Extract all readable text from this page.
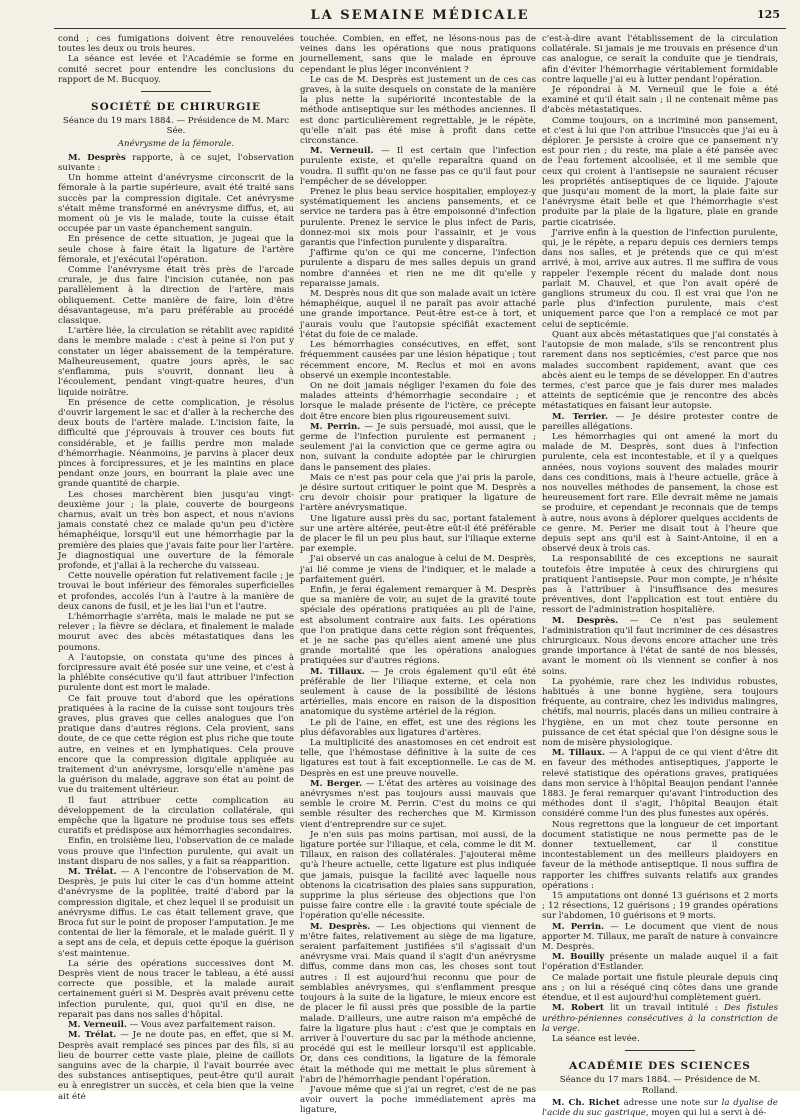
LA SEMAINE MÉDICALE	125

cond ; ces fumigations doivent être renouvelées toutes les deux ou trois heures.

La séance est levée et l'Académie se forme en comité secret pour entendre les conclusions du rapport de M. Bucquoy.

SOCIÉTÉ DE CHIRURGIE
Séance du 19 mars 1884. — Présidence de M. Marc Sée.
Anévrysme de la fémorale.

M. Desprès rapporte, à ce sujet, l'observation suivante :

Un homme atteint d'anévrysme circonscrit de la fémorale à la partie supérieure, avait été traité sans succès par la compression digitale. Cet anévrysme s'était même transformé en anévrysme diffus, et, au moment où je vis le malade, toute la cuisse était occupée par un vaste épanchement sanguin.

En présence de cette situation, je jugeai que la seule chose à faire était la ligature de l'artère fémorale, et j'exécutai l'opération.

Comme l'anévrysme était très près de l'arcade crurale, je dus faire l'incision cutanée, non pas parallèlement à la direction de l'artère, mais obliquement. Cette manière de faire, loin d'être désavantageuse, m'a paru préférable au procédé classique.

L'artère liée, la circulation se rétablit avec rapidité dans le membre malade : c'est à peine si l'on put y constater un léger abaissement de la température. Malheureusement, quatre jours après, le sac s'enflamma, puis s'ouvrit, donnant lieu à l'écoulement, pendant vingt-quatre heures, d'un liquide noirâtre.

En présence de cette complication, je résolus d'ouvrir largement le sac et d'aller à la recherche des deux bouts de l'artère malade. L'incision faite, la difficulté que j'éprouvais à trouver ces bouts fut considérable, et je faillis perdre mon malade d'hémorrhagie. Néanmoins, je parvins à placer deux pinces à forcipressures, et je les maintins en place pendant onze jours, en bourrant la plaie avec une grande quantité de charpie.

Les choses marchèrent bien jusqu'au vingt-deuxième jour ; la plaie, couverte de bourgeons charnus, avait un très bon aspect, et nous n'avions jamais constaté chez ce malade qu'un peu d'ictère hémaphéique, lorsqu'il eut une hémorrhagie par la première des plaies que j'avais faite pour lier l'artère. Je diagnostiquai une ouverture de la fémorale profonde, et j'allai à la recherche du vaisseau.

Cette nouvelle opération fut relativement facile ; je trouvai le bout inférieur des fémorales superficielles et profondes, accolés l'un à l'autre à la manière de deux canons de fusil, et je les liai l'un et l'autre.

L'hémorrhagie s'arrêta, mais le malade ne put se relever ; la fièvre se déclara, et finalement le malade mourut avec des abcès métastatiques dans les poumons.

A l'autopsie, on constata qu'une des pinces à forcipressure avait été posée sur une veine, et c'est à la phlébite consécutive qu'il faut attribuer l'infection purulente dont est mort le malade.

Ce fait prouve tout d'abord que les opérations pratiquées à la racine de la cuisse sont toujours très graves, plus graves que celles analogues que l'on pratique dans d'autres régions. Cela provient, sans doute, de ce que cette région est plus riche que toute autre, en veines et en lymphatiques. Cela prouve encore que la compression digitale appliquée au traitement d'un anévrysme, lorsqu'elle n'amène pas la guérison du malade, aggrave son état au point de vue du traitement ultérieur.

Il faut attribuer cette complication au développement de la circulation collatérale, qui empêche que la ligature ne produise tous ses effets curatifs et prédispose aux hémorrhagies secondaires.

Enfin, en troisième lieu, l'observation de ce malade vous prouve que l'infection purulente, qui avait un instant disparu de nos salles, y a fait sa réapparition.

M. Trélat. — A l'encontre de l'observation de M. Desprès, je puis lui citer le cas d'un homme atteint d'anévrysme de la poplitée, traité d'abord par la compression digitale, et chez lequel il se produisit un anévrysme diffus. Le cas était tellement grave, que Broca fut sur le point de proposer l'amputation. Je me contentai de lier la fémorale, et le malade guérit. Il y a sept ans de cela, et depuis cette époque la guérison s'est maintenue.

La série des opérations successives dont M. Desprès vient de nous tracer le tableau, a été aussi correcte que possible, et la malade aurait certainement guéri si M. Desprès avait prévenu cette infection purulente, qui, quoi qu'il en dise, ne reparait pas dans nos salles d'hôpital.

M. Verneuil. — Vous avez parfaitement raison.

M. Trélat. — Je ne doute pas, en effet, que si M. Desprès avait remplacé ses pinces par des fils, si au lieu de bourrer cette vaste plaie, pleine de caillots sanguins avec de la charpie, il l'avait bourrée avec des substances antiseptiques, peut-être qu'il aurait eu à enregistrer un succès, et cela bien que la veine ait été

touchée. Combien, en effet, ne lésons-nous pas de veines dans les opérations que nous pratiquons journellement, sans que le malade en éprouve cependant le plus léger inconvénient ?

Le cas de M. Desprès est justement un de ces cas graves, à la suite desquels on constate de la manière la plus nette la supériorité incontestable de la méthode antiseptique sur les méthodes anciennes. Il est donc particulièrement regrettable, je le répète, qu'elle n'ait pas été mise à profit dans cette circonstance.

M. Verneuil. — Il est certain que l'infection purulente existe, et qu'elle reparaîtra quand on voudra. Il suffit qu'on ne fasse pas ce qu'il faut pour l'empêcher de se développer.

Prenez le plus beau service hospitalier, employez-y systématiquement les anciens pansements, et ce service ne tardera pas à être empoisonné d'infection purulente. Prenez le service le plus infect de Paris, donnez-moi six mois pour l'assainir, et je vous garantis que l'infection purulente y disparaîtra.

J'affirme qu'on ce qui me concerne, l'infection purulente a disparu de mes salles depuis un grand nombre d'années et rien ne me dit qu'elle y reparaisse jamais.

M. Desprès nous dit que son malade avait un ictère hémaphéique, auquel il ne paraît pas avoir attaché une grande importance. Peut-être est-ce à tort, et j'aurais voulu que l'autopsie spécifiât exactement l'état du foie de ce malade.

Les hémorrhagies consécutives, en effet, sont fréquemment causées par une lésion hépatique ; tout récemment encore, M. Reclus et moi en avons observé un exemple incontestable.

On ne doit jamais négliger l'examen du foie des malades atteints d'hémorrhagie secondaire ; et lorsque le malade présente de l'ictère, ce précepte doit être encore bien plus rigoureusement suivi.

M. Perrin. — Je suis persuadé, moi aussi, que le germe de l'infection purulente est permanent ; seulement j'ai la conviction que ce germe agira ou non, suivant la conduite adoptée par le chirurgien dans le pansement des plaies.

Mais ce n'est pas pour cela que j'ai pris la parole, je désire surtout critiquer le point que M. Desprès a cru devoir choisir pour pratiquer la ligature de l'artère anévrysmatique.

Une ligature aussi près du sac, portant fatalement sur une artère altérée, peut-être eût-il été préférable de placer le fil un peu plus haut, sur l'iliaque externe par exemple.

J'ai observé un cas analogue à celui de M. Desprès, j'ai lié comme je viens de l'indiquer, et le malade a parfaitement guéri.

Enfin, je ferai également remarquer à M. Desprès que sa manière de voir, au sujet de la gravité toute spéciale des opérations pratiquées au pli de l'aine, est absolument contraire aux faits. Les opérations que l'on pratique dans cette région sont fréquentes, et je ne sache pas qu'elles aient amené une plus grande mortalité que les opérations analogues pratiquées sur d'autres régions.

M. Tillaux. — Je crois également qu'il eût été préférable de lier l'iliaque externe, et cela non seulement à cause de la possibilité de lésions artérielles, mais encore en raison de la disposition anatomique du système artériel de la région.

Le pli de l'aine, en effet, est une des régions les plus défavorables aux ligatures d'artères.

La multiplicité des anastomoses en cet endroit est telle, que l'hémostase définitive à la suite de ces ligatures est tout à fait exceptionnelle. Le cas de M. Desprès en est une preuve nouvelle.

M. Berger. — L'état des artères au voisinage des anévrysmes n'est pas toujours aussi mauvais que semble le croire M. Perrin. C'est du moins ce qui semble résulter des recherches que M. Kirmisson vient d'entreprendre sur ce sujet.

Je n'en suis pas moins partisan, moi aussi, de la ligature portée sur l'iliaque, et cela, comme le dit M. Tillaux, en raison des collatérales. J'ajouterai même qu'à l'heure actuelle, cette ligature est plus indiquée que jamais, puisque la facilité avec laquelle nous obtenons la cicatrisation des plaies sans suppuration, supprime la plus sérieuse des objections que l'on puisse faire contre elle : la gravité toute spéciale de l'opération qu'elle nécessite.

M. Desprès. — Les objections qui viennent de m'être faites, relativement au siège de ma ligature, seraient parfaitement justifiées s'il s'agissait d'un anévrysme vrai. Mais quand il s'agit d'un anévrysme diffus, comme dans mon cas, les choses sont tout autres : Il est aujourd'hui reconnu que pour de semblables anévrysmes, qui s'enflamment presque toujours à la suite de la ligature, le mieux encore est de placer le fil aussi près que possible de la partie malade. D'ailleurs, une autre raison m'a empêché de faire la ligature plus haut : c'est que je comptais en arriver à l'ouverture du sac par la méthode ancienne, procédé qui est le meilleur lorsqu'il est applicable. Or, dans ces conditions, la ligature de la fémorale était la méthode qui me mettait le plus sûrement à l'abri de l'hémorrhagie pendant l'opération.

J'avoue même que si j'ai un regret, c'est de ne pas avoir ouvert la poche immédiatement après ma ligature,

c'est-à-dire avant l'établissement de la circulation collatérale. Si jamais je me trouvais en présence d'un cas analogue, ce serait la conduite que je tiendrais, afin d'éviter l'hémorrhagie véritablement formidable contre laquelle j'ai eu à lutter pendant l'opération.

Je répondrai à M. Verneuil que le foie a été examiné et qu'il était sain ; il ne contenait même pas d'abcès métastatiques.

Comme toujours, on a incriminé mon pansement, et c'est à lui que l'on attribue l'insuccès que j'ai eu à déplorer. Je persiste à croire que ce pansement n'y est pour rien ; du reste, ma plaie a été pansée avec de l'eau fortement alcoolisée, et il me semble que ceux qui croient à l'antisepsie ne sauraient récuser les propriétés antiseptiques de ce liquide. J'ajoute que jusqu'au moment de la mort, la plaie faite sur l'anévrysme était belle et que l'hémorrhagie s'est produite par la plaie de la ligature, plaie en grande partie cicatrisée.

J'arrive enfin à la question de l'infection purulente, qui, je le répète, a reparu depuis ces derniers temps dans nos salles, et je prétends que ce qui m'est arrivé, à moi, arrive aux autres. Il me suffira de vous rappeler l'exemple récent du malade dont nous parlait M. Chauvel, et que l'on avait opéré de ganglions strumeux du cou. Il est vrai que l'on ne parle plus d'infection purulente, mais c'est uniquement parce que l'on a remplacé ce mot par celui de septicémie.

Quant aux abcès métastatiques que j'ai constatés à l'autopsie de mon malade, s'ils se rencontrent plus rarement dans nos septicémies, c'est parce que nos malades succombent rapidement, avant que ces abcès aient eu le temps de se développer. En d'autres termes, c'est parce que je fais durer mes malades atteints de septicémie que je rencontre des abcès métastatiques en faisant leur autopsie.

M. Terrier. — Je désire protester contre de pareilles allégations.

Les hémorrhagies qui ont amené la mort du malade de M. Desprès, sont dues à l'infection purulente, cela est incontestable, et il y a quelques années, nous voyions souvent des malades mourir dans ces conditions, mais à l'heure actuelle, grâce à nos nouvelles méthodes de pansement, la chose est heureusement fort rare. Elle devrait même ne jamais se produire, et cependant je reconnais que de temps à autre, nous avons à déplorer quelques accidents de ce genre. M. Perier me disait tout à l'heure que depuis sept ans qu'il est à Saint-Antoine, il en a observé deux à trois cas.

La responsabilité de ces exceptions ne saurait toutefois être imputée à ceux des chirurgiens qui pratiquent l'antisepsie. Pour mon compte, je n'hésite pas à l'attribuer à l'insuffisance des mesures préventives, dont l'application est tout entière du ressort de l'administration hospitalière.

M. Desprès. — Ce n'est pas seulement l'administration qu'il faut incriminer de ces désastres chirurgicaux. Nous devons encore attacher une très grande importance à l'état de santé de nos blessés, avant le moment où ils viennent se confier à nos soins.

La pyohémie, rare chez les individus robustes, habitués à une bonne hygiène, sera toujours fréquente, au contraire, chez les individus malingres, chétifs, mal nourris, placés dans un milieu contraire à l'hygiène, en un mot chez toute personne en puissance de cet état spécial que l'on désigne sous le nom de misère physiologique.

M. Tillaux. — A l'appui de ce qui vient d'être dit en faveur des méthodes antiseptiques, j'apporte le relevé statistique des opérations graves, pratiquées dans mon service à l'hôpital Beaujon pendant l'année 1883. Je ferai remarquer qu'avant l'introduction des méthodes dont il s'agit, l'hôpital Beaujon était considéré comme l'un des plus funestes aux opérés.

Nous regrettons que la longueur de cet important document statistique ne nous permette pas de le donner textuellement, car il constitue incontestablement un des meilleurs plaidoyers en faveur de la méthode antiseptique. Il nous suffira de rapporter les chiffres suivants relatifs aux grandes opérations :

15 amputations ont donné 13 guérisons et 2 morts ; 12 résections, 12 guérisons ; 19 grandes opérations sur l'abdomen, 10 guérisons et 9 morts.

M. Perrin. — Le document que vient de nous apporter M. Tillaux, me paraît de nature à convaincre M. Desprès.

M. Bouilly présente un malade auquel il a fait l'opération d'Estlander.

Ce malade portait une fistule pleurale depuis cinq ans ; on lui a réséqué cinq côtes dans une grande étendue, et il est aujourd'hui complètement guéri.

M. Robert lit un travail intitulé : Des fistules uréthro-péniennes consécutives à la constriction de la verge.

La séance est levée.

ACADÉMIE DES SCIENCES
Séance du 17 mars 1884. — Présidence de M. Rolland.

M. Ch. Richet adresse une note sur la dyalise de l'acide du suc gastrique, moyen qui lui a servi à dé-
